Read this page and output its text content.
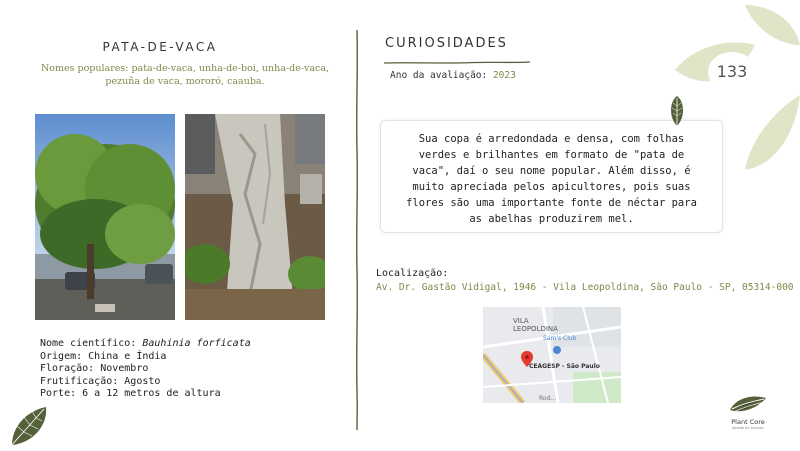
PATA-DE-VACA
Nomes populares: pata-de-vaca, unha-de-boi, unha-de-vaca, pezuña de vaca, mororó, caauba.
Nome científico: Bauhinia forficata
Origem: China e Índia
Floração: Novembro
Frutificação: Agosto
Porte: 6 a 12 metros de altura
CURIOSIDADES
Ano da avaliação: 2023
Sua copa é arredondada e densa, com folhas verdes e brilhantes em formato de "pata de vaca", daí o seu nome popular. Além disso, é muito apreciada pelos apicultores, pois suas flores são uma importante fonte de néctar para as abelhas produzirem mel.
Localização:
Av. Dr. Gastão Vidigal, 1946 - Vila Leopoldina, São Paulo - SP, 05314-000
VILA
LEOPOLDINA
Sam's Club
CEAGESP - São Paulo
Rod...
133
Plant Core
gestão de árvores
